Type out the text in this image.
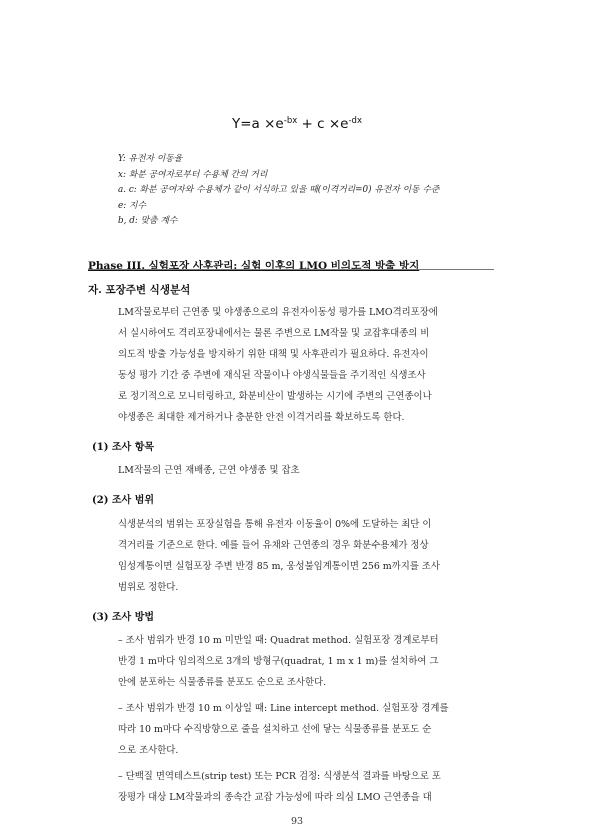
$Y=a \times e^{-bx} + c \times e^{-dx}$
Y: 유전자 이동율
x: 화분 공여자로부터 수용체 간의 거리
a. c: 화분 공여자와 수용체가 같이 서식하고 있을 때(이격거리=0) 유전자 이동 수준
e: 지수
b, d: 맞춤 계수
Phase III. 실험포장 사후관리: 실험 이후의 LMO 비의도적 방출 방지
자. 포장주변 식생분석
LM작물로부터 근연종 및 야생종으로의 유전자이동성 평가를 LMO격리포장에
서 실시하여도 격리포장내에서는 물론 주변으로 LM작물 및 교잡후대종의 비
의도적 방출 가능성을 방지하기 위한 대책 및 사후관리가 필요하다. 유전자이
동성 평가 기간 중 주변에 재식된 작물이나 야생식물들을 주기적인 식생조사
로 정기적으로 모니터링하고, 화분비산이 발생하는 시기에 주변의 근연종이나
야생종은 최대한 제거하거나 충분한 안전 이격거리를 확보하도록 한다.
(1) 조사 항목
LM작물의 근연 재배종, 근연 야생종 및 잡초
(2) 조사 범위
식생분석의 범위는 포장실험을 통해 유전자 이동율이 0%에 도달하는 최단 이
격거리를 기준으로 한다. 예를 들어 유채와 근연종의 경우 화분수용체가 정상
임성계통이면 실험포장 주변 반경 85 m, 웅성불임계통이면 256 m까지를 조사
범위로 정한다.
(3) 조사 방법
– 조사 범위가 반경 10 m 미만일 때: Quadrat method. 실험포장 경계로부터
반경 1 m마다 임의적으로 3개의 방형구(quadrat, 1 m x 1 m)를 설치하여 그
안에 분포하는 식물종류를 분포도 순으로 조사한다.
– 조사 범위가 반경 10 m 이상일 때: Line intercept method. 실험포장 경계를
따라 10 m마다 수직방향으로 줄을 설치하고 선에 닿는 식물종류를 분포도 순
으로 조사한다.
– 단백질 면역테스트(strip test) 또는 PCR 검정: 식생분석 결과를 바탕으로 포
장평가 대상 LM작물과의 종속간 교잡 가능성에 따라 의심 LMO 근연종을 대
93
